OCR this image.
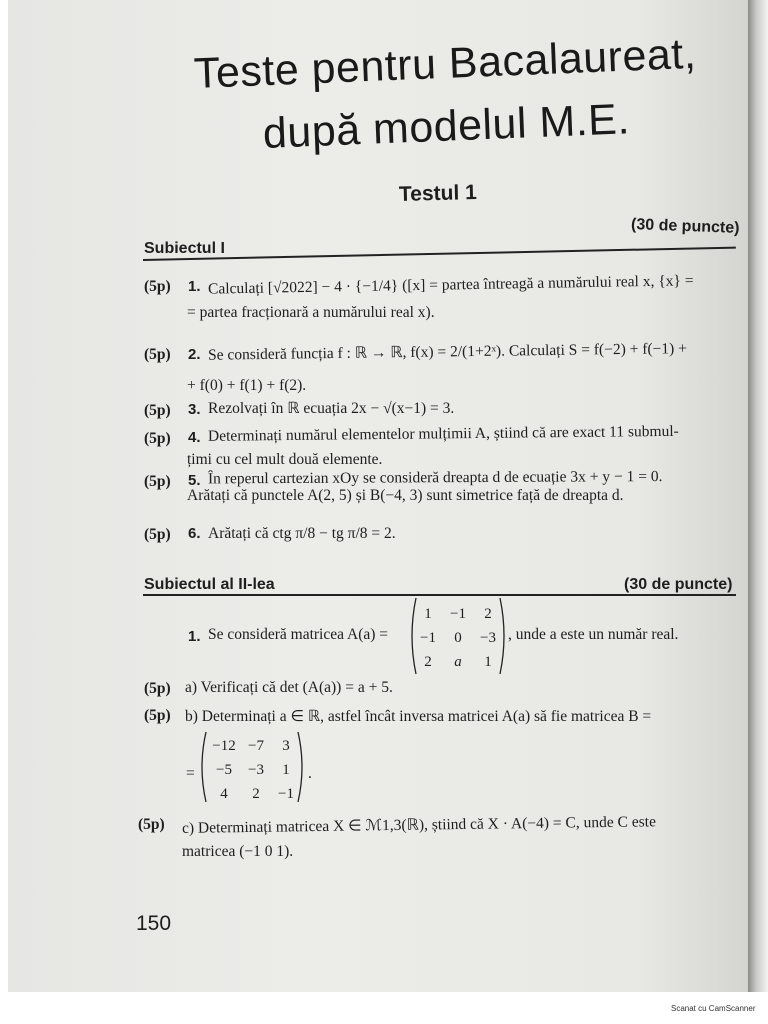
Teste pentru Bacalaureat,
după modelul M.E.
Testul 1
(30 de puncte)
Subiectul I
(5p) 1. Calculați [√2022] − 4 · {−1/4} ([x] = partea întreagă a numărului real x, {x} =
= partea fracționară a numărului real x).
(5p) 2. Se consideră funcția f : ℝ → ℝ, f(x) = 2/(1+2ˣ). Calculați S = f(−2) + f(−1) +
+ f(0) + f(1) + f(2).
(5p) 3. Rezolvați în ℝ ecuația 2x − √(x−1) = 3.
(5p) 4. Determinați numărul elementelor mulțimii A, știind că are exact 11 submul-
țimi cu cel mult două elemente.
(5p) 5. În reperul cartezian xOy se consideră dreapta d de ecuație 3x + y − 1 = 0.
Arătați că punctele A(2, 5) și B(−4, 3) sunt simetrice față de dreapta d.
(5p) 6. Arătați că ctg π/8 − tg π/8 = 2.
Subiectul al II-lea	(30 de puncte)
1. Se consideră matricea A(a) =
1 −1 2
−1 0 −3
2 a 1
, unde a este un număr real.
(5p) a) Verificați că det (A(a)) = a + 5.
(5p) b) Determinați a ∈ ℝ, astfel încât inversa matricei A(a) să fie matricea B =
=
−12 −7 3
−5 −3 1
4 2 −1
.
(5p) c) Determinați matricea X ∈ ℳ1,3(ℝ), știind că X · A(−4) = C, unde C este
matricea (−1 0 1).
150
Scanat cu CamScanner
